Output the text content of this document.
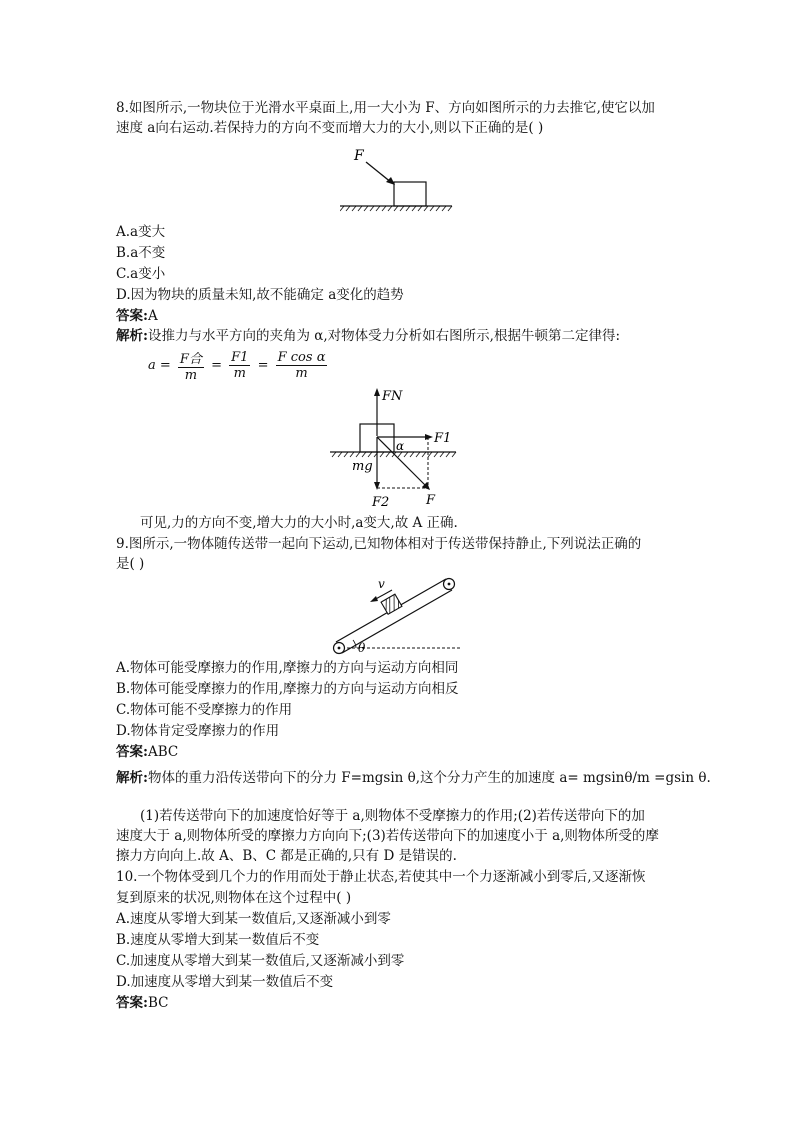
8.如图所示,一物块位于光滑水平桌面上,用一大小为 F、方向如图所示的力去推它,使它以加
速度 a向右运动.若保持力的方向不变而增大力的大小,则以下正确的是( )
F
A.a变大
B.a不变
C.a变小
D.因为物块的质量未知,故不能确定 a变化的趋势
答案:A
解析:设推力与水平方向的夹角为 α,对物体受力分析如右图所示,根据牛顿第二定律得:
$a = \frac{\text{F合}}{m} = \frac{F1}{m} = \frac{\text{F cos α}}{m}$
FN
F1
α
mg
F2	F
可见,力的方向不变,增大力的大小时,a变大,故 A 正确.
9.图所示,一物体随传送带一起向下运动,已知物体相对于传送带保持静止,下列说法正确的
是( )
v
θ
A.物体可能受摩擦力的作用,摩擦力的方向与运动方向相同
B.物体可能受摩擦力的作用,摩擦力的方向与运动方向相反
C.物体可能不受摩擦力的作用
D.物体肯定受摩擦力的作用
答案:ABC
解析:物体的重力沿传送带向下的分力 F=mgsin θ,这个分力产生的加速度 a= mgsinθ/m =gsin θ.
(1)若传送带向下的加速度恰好等于 a,则物体不受摩擦力的作用;(2)若传送带向下的加
速度大于 a,则物体所受的摩擦力方向向下;(3)若传送带向下的加速度小于 a,则物体所受的摩
擦力方向向上.故 A、B、C 都是正确的,只有 D 是错误的.
10.一个物体受到几个力的作用而处于静止状态,若使其中一个力逐渐减小到零后,又逐渐恢
复到原来的状况,则物体在这个过程中( )
A.速度从零增大到某一数值后,又逐渐减小到零
B.速度从零增大到某一数值后不变
C.加速度从零增大到某一数值后,又逐渐减小到零
D.加速度从零增大到某一数值后不变
答案:BC
